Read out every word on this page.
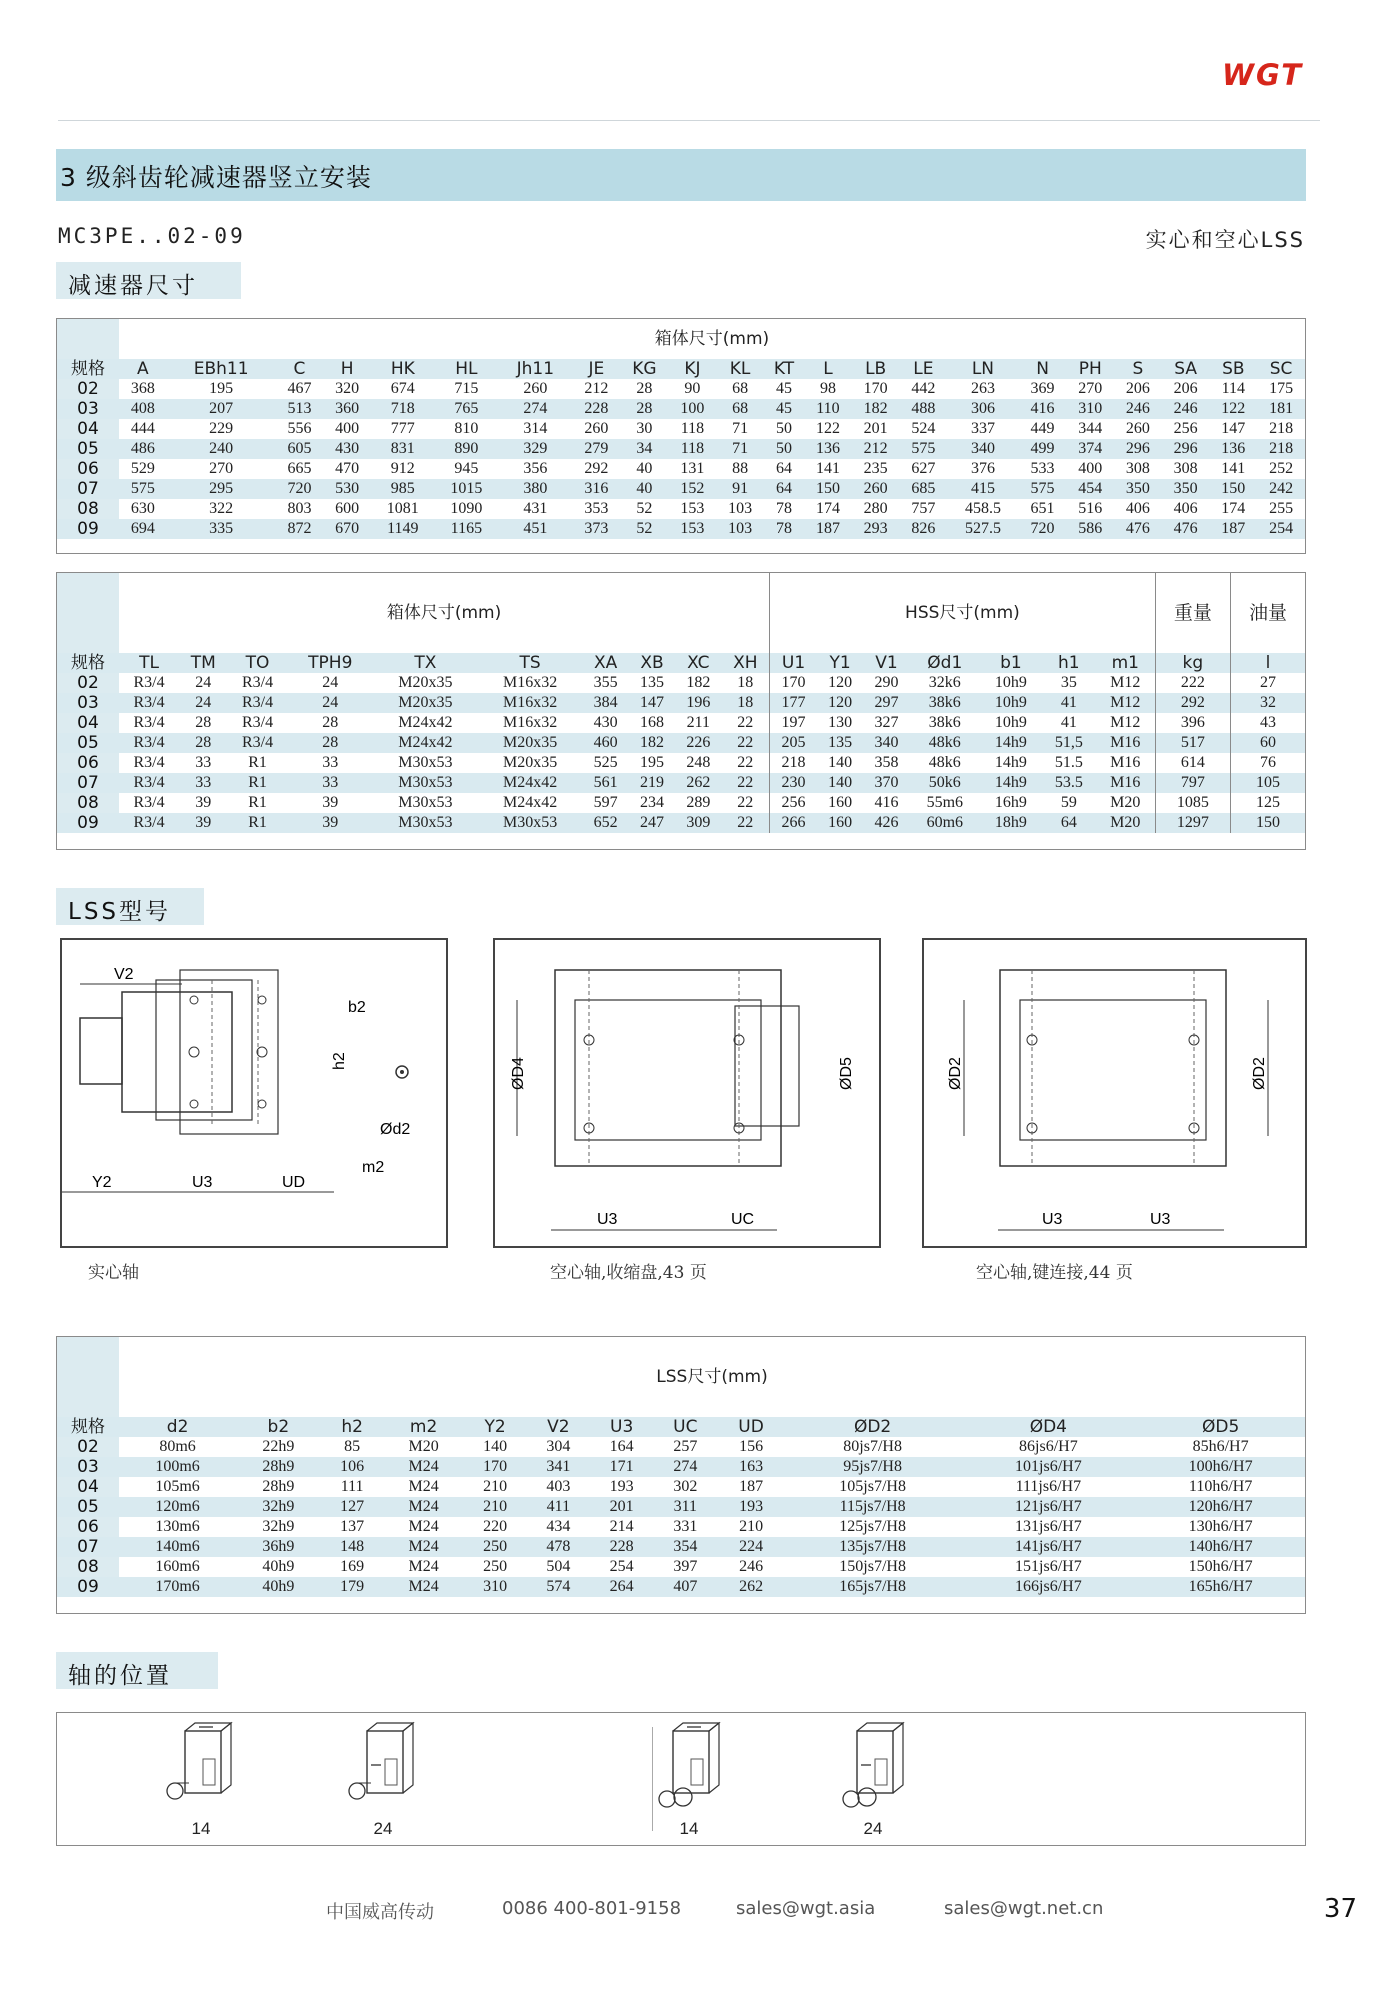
WGT
3 级斜齿轮减速器竖立安装
MC3PE..02-09	实心和空心LSS
减速器尺寸
	箱体尺寸(mm)																					
规格	A	EBh11	C	H	HK	HL	Jh11	JE	KG	KJ	KL	KT	L	LB	LE	LN	N	PH	S	SA	SB	SC
02	368	195	467	320	674	715	260	212	28	90	68	45	98	170	442	263	369	270	206	206	114	175
03	408	207	513	360	718	765	274	228	28	100	68	45	110	182	488	306	416	310	246	246	122	181
04	444	229	556	400	777	810	314	260	30	118	71	50	122	201	524	337	449	344	260	256	147	218
05	486	240	605	430	831	890	329	279	34	118	71	50	136	212	575	340	499	374	296	296	136	218
06	529	270	665	470	912	945	356	292	40	131	88	64	141	235	627	376	533	400	308	308	141	252
07	575	295	720	530	985	1015	380	316	40	152	91	64	150	260	685	415	575	454	350	350	150	242
08	630	322	803	600	1081	1090	431	353	52	153	103	78	174	280	757	458.5	651	516	406	406	174	255
09	694	335	872	670	1149	1165	451	373	52	153	103	78	187	293	826	527.5	720	586	476	476	187	254
	箱体尺寸(mm)										HSS尺寸(mm)							重量	油量
规格	TL	TM	TO	TPH9	TX	TS	XA	XB	XC	XH	U1	Y1	V1	Ød1	b1	h1	m1	kg	l
02	R3/4	24	R3/4	24	M20x35	M16x32	355	135	182	18	170	120	290	32k6	10h9	35	M12	222	27
03	R3/4	24	R3/4	24	M20x35	M16x32	384	147	196	18	177	120	297	38k6	10h9	41	M12	292	32
04	R3/4	28	R3/4	28	M24x42	M16x32	430	168	211	22	197	130	327	38k6	10h9	41	M12	396	43
05	R3/4	28	R3/4	28	M24x42	M20x35	460	182	226	22	205	135	340	48k6	14h9	51,5	M16	517	60
06	R3/4	33	R1	33	M30x53	M20x35	525	195	248	22	218	140	358	48k6	14h9	51.5	M16	614	76
07	R3/4	33	R1	33	M30x53	M24x42	561	219	262	22	230	140	370	50k6	14h9	53.5	M16	797	105
08	R3/4	39	R1	39	M30x53	M24x42	597	234	289	22	256	160	416	55m6	16h9	59	M20	1085	125
09	R3/4	39	R1	39	M30x53	M30x53	652	247	309	22	266	160	426	60m6	18h9	64	M20	1297	150
LSS型号
V2
Y2	U3	UD
b2
h2
Ød2
m2
实心轴
ØD4	ØD5
U3	UC
空心轴,收缩盘,43 页
ØD2	ØD2
U3	U3
空心轴,键连接,44 页
	LSS尺寸(mm)											
规格	d2	b2	h2	m2	Y2	V2	U3	UC	UD	ØD2	ØD4	ØD5
02	80m6	22h9	85	M20	140	304	164	257	156	80js7/H8	86js6/H7	85h6/H7
03	100m6	28h9	106	M24	170	341	171	274	163	95js7/H8	101js6/H7	100h6/H7
04	105m6	28h9	111	M24	210	403	193	302	187	105js7/H8	111js6/H7	110h6/H7
05	120m6	32h9	127	M24	210	411	201	311	193	115js7/H8	121js6/H7	120h6/H7
06	130m6	32h9	137	M24	220	434	214	331	210	125js7/H8	131js6/H7	130h6/H7
07	140m6	36h9	148	M24	250	478	228	354	224	135js7/H8	141js6/H7	140h6/H7
08	160m6	40h9	169	M24	250	504	254	397	246	150js7/H8	151js6/H7	150h6/H7
09	170m6	40h9	179	M24	310	574	264	407	262	165js7/H8	166js6/H7	165h6/H7
轴的位置
14	24	14	24
中国威高传动	0086 400-801-9158	sales@wgt.asia	sales@wgt.net.cn	37
